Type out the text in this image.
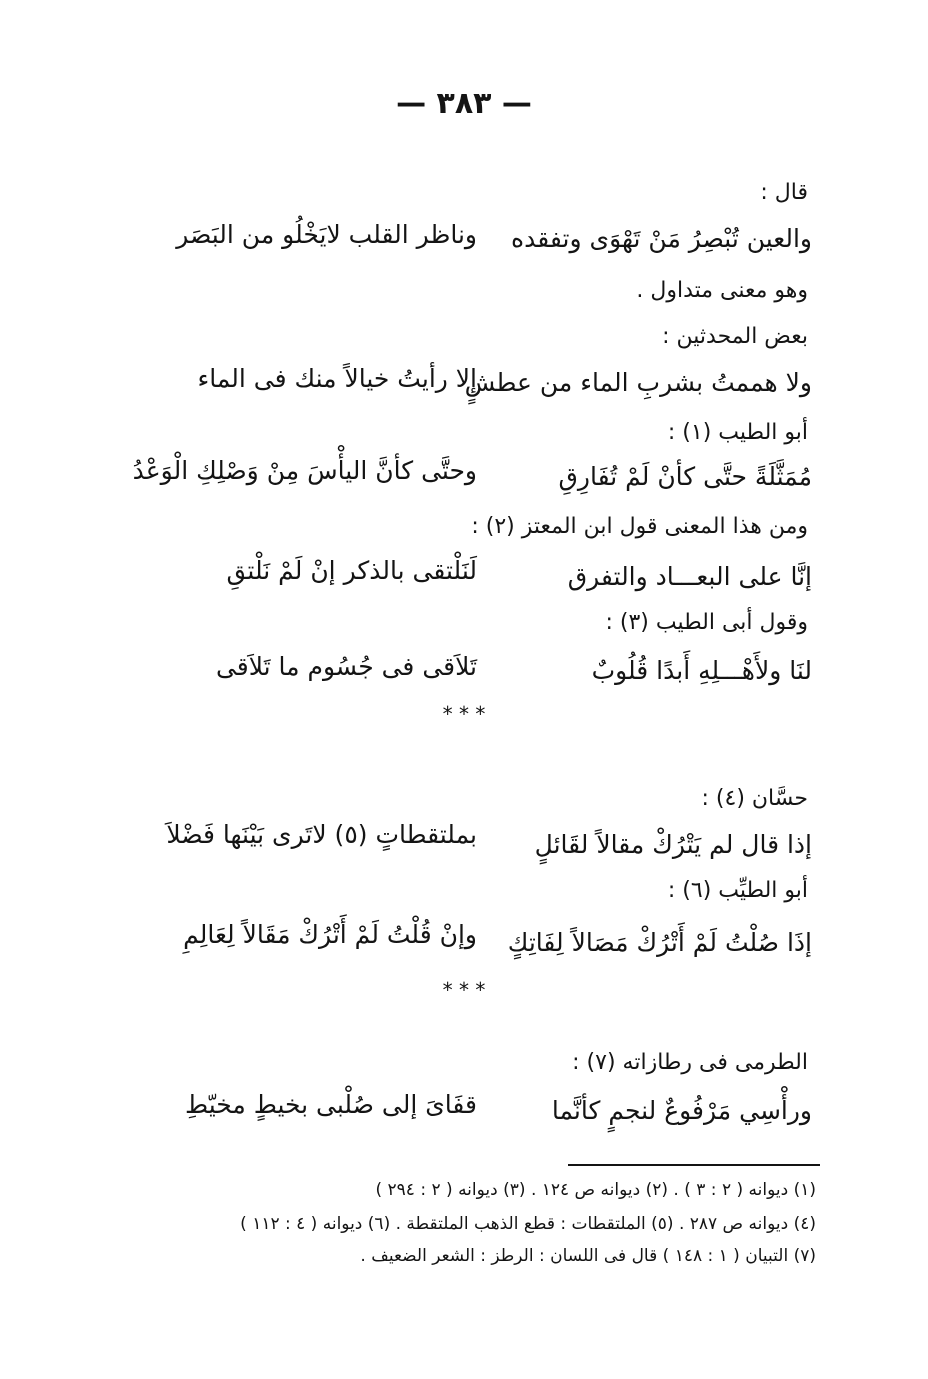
— ٣٨٣ —
قال :
والعين تُبْصِرُ مَنْ تَهْوَى وتفقده
وناظر القلب لايَخْلُو من البَصَر
وهو معنى متداول .
بعض المحدثين :
ولا هممتُ بشربِ الماء من عطشٍ
إلا رأيتُ خيالاً منك فى الماء
أبو الطيب (١) :
مُمَثَّلَةً حتَّى كأنْ لَمْ تُفَارِقِ
وحتَّى كأنَّ اليأْسَ مِنْ وَصْلِكِ الْوَعْدُ
ومن هذا المعنى قول ابن المعتز (٢) :
إنَّا على البعـــاد والتفرق
لَنَلْتقى بالذكر إنْ لَمْ نَلْتقِ
وقول أبى الطيب (٣) :
لنَا ولأَهْـــلِهِ أَبدًا قُلُوبٌ
تَلاَقى فى جُسُوم ما تَلاَقى
* * *
حسَّان (٤) :
إذا قال لم يَتْرُكْ مقالاً لقَائلٍ
بملتقطاتٍ (٥) لاتَرى بَيْنَها فَضْلاَ
أبو الطيِّب (٦) :
إذَا صُلْتُ لَمْ أَتْرُكْ مَصَالاً لِفَاتِكٍ
وإنْ قُلْتُ لَمْ أَتْرُكْ مَقَالاً لِعَالِمِ
* * *
الطرمى فى رطازاته (٧) :
ورأْسِي مَرْفُوعٌ لنجمٍ كأنَّما
قفَاىَ إلى صُلْبى بخيطٍ مخيّطِ
(١) ديوانه ( ٢ : ٣ ) . (٢) ديوانه ص ١٢٤ . (٣) ديوانه ( ٢ : ٢٩٤ )
(٤) ديوانه ص ٢٨٧ . (٥) الملتقطات : قطع الذهب الملتقطة . (٦) ديوانه ( ٤ : ١١٢ )
(٧) التبيان ( ١ : ١٤٨ ) قال فى اللسان : الرطز : الشعر الضعيف .
